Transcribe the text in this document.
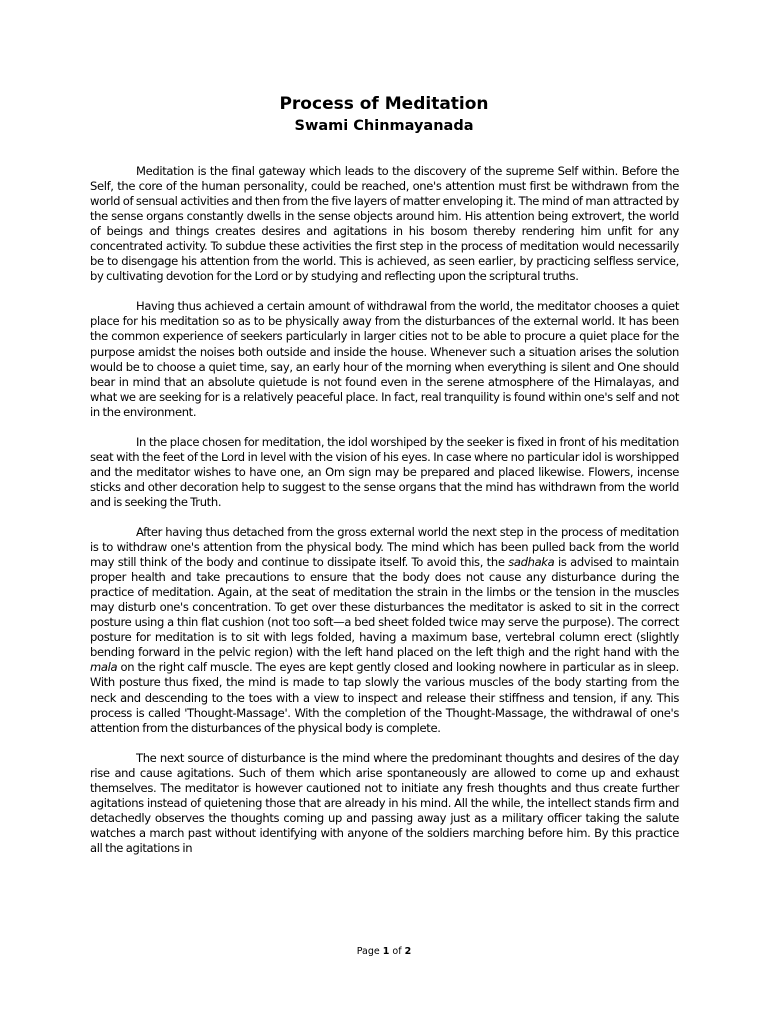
Process of Meditation
Swami Chinmayanada

Meditation is the final gateway which leads to the discovery of the supreme Self within. Before the Self, the core of the human personality, could be reached, one's attention must first be withdrawn from the world of sensual activities and then from the five layers of matter enveloping it. The mind of man attracted by the sense organs constantly dwells in the sense objects around him. His attention being extrovert, the world of beings and things creates desires and agitations in his bosom thereby rendering him unfit for any concentrated activity. To subdue these activities the first step in the process of meditation would necessarily be to disengage his attention from the world. This is achieved, as seen earlier, by practicing selfless service, by cultivating devotion for the Lord or by studying and reflecting upon the scriptural truths.

Having thus achieved a certain amount of withdrawal from the world, the meditator chooses a quiet place for his meditation so as to be physically away from the disturbances of the external world. It has been the common experience of seekers particularly in larger cities not to be able to procure a quiet place for the purpose amidst the noises both outside and inside the house. Whenever such a situation arises the solution would be to choose a quiet time, say, an early hour of the morning when everything is silent and One should bear in mind that an absolute quietude is not found even in the serene atmosphere of the Himalayas, and what we are seeking for is a relatively peaceful place. In fact, real tranquility is found within one's self and not in the environment.

In the place chosen for meditation, the idol worshiped by the seeker is fixed in front of his meditation seat with the feet of the Lord in level with the vision of his eyes. In case where no particular idol is worshipped and the meditator wishes to have one, an Om sign may be prepared and placed likewise. Flowers, incense sticks and other decoration help to suggest to the sense organs that the mind has withdrawn from the world and is seeking the Truth.

After having thus detached from the gross external world the next step in the process of meditation is to withdraw one's attention from the physical body. The mind which has been pulled back from the world may still think of the body and continue to dissipate itself. To avoid this, the sadhaka is advised to maintain proper health and take precautions to ensure that the body does not cause any disturbance during the practice of meditation. Again, at the seat of meditation the strain in the limbs or the tension in the muscles may disturb one's concentration. To get over these disturbances the meditator is asked to sit in the correct posture using a thin flat cushion (not too soft—a bed sheet folded twice may serve the purpose). The correct posture for meditation is to sit with legs folded, having a maximum base, vertebral column erect (slightly bending forward in the pelvic region) with the left hand placed on the left thigh and the right hand with the mala on the right calf muscle. The eyes are kept gently closed and looking nowhere in particular as in sleep. With posture thus fixed, the mind is made to tap slowly the various muscles of the body starting from the neck and descending to the toes with a view to inspect and release their stiffness and tension, if any. This process is called 'Thought-Massage'. With the completion of the Thought-Massage, the withdrawal of one's attention from the disturbances of the physical body is complete.

The next source of disturbance is the mind where the predominant thoughts and desires of the day rise and cause agitations. Such of them which arise spontaneously are allowed to come up and exhaust themselves. The meditator is however cautioned not to initiate any fresh thoughts and thus create further agitations instead of quietening those that are already in his mind. All the while, the intellect stands firm and detachedly observes the thoughts coming up and passing away just as a military officer taking the salute watches a march past without identifying with anyone of the soldiers marching before him. By this practice all the agitations in

Page 1 of 2
